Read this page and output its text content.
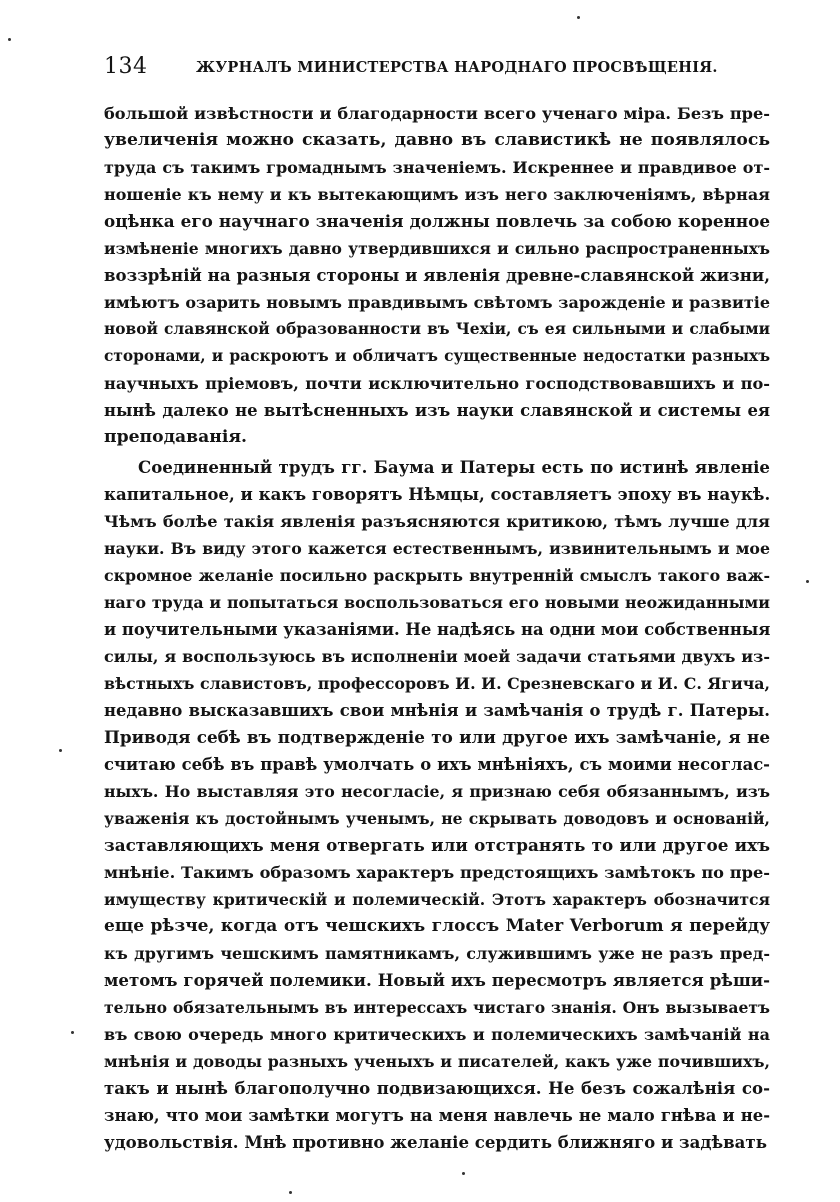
134	ЖУРНАЛЪ МИНИСТЕРСТВА НАРОДНАГО ПРОСВѢЩЕНІЯ.
большой извѣстности и благодарности всего ученаго міра. Безъ пре-
увеличенія можно сказать, давно въ славистикѣ не появлялось
труда съ такимъ громаднымъ значеніемъ. Искреннее и правдивое от-
ношеніе къ нему и къ вытекающимъ изъ него заключеніямъ, вѣрная
оцѣнка его научнаго значенія должны повлечь за собою коренное
измѣненіе многихъ давно утвердившихся и сильно распространенныхъ
воззрѣній на разныя стороны и явленія древне-славянской жизни,
имѣютъ озарить новымъ правдивымъ свѣтомъ зарожденіе и развитіе
новой славянской образованности въ Чехіи, съ ея сильными и слабыми
сторонами, и раскроютъ и обличатъ существенные недостатки разныхъ
научныхъ пріемовъ, почти исключительно господствовавшихъ и по-
нынѣ далеко не вытѣсненныхъ изъ науки славянской и системы ея
преподаванія.
Соединенный трудъ гг. Баума и Патеры есть по истинѣ явленіе
капитальное, и какъ говорятъ Нѣмцы, составляетъ эпоху въ наукѣ.
Чѣмъ болѣе такія явленія разъясняются критикою, тѣмъ лучше для
науки. Въ виду этого кажется естественнымъ, извинительнымъ и мое
скромное желаніе посильно раскрыть внутренній смыслъ такого важ-
наго труда и попытаться воспользоваться его новыми неожиданными
и поучительными указаніями. Не надѣясь на одни мои собственныя
силы, я воспользуюсь въ исполненіи моей задачи статьями двухъ из-
вѣстныхъ славистовъ, профессоровъ И. И. Срезневскаго и И. С. Ягича,
недавно высказавшихъ свои мнѣнія и замѣчанія о трудѣ г. Патеры.
Приводя себѣ въ подтвержденіе то или другое ихъ замѣчаніе, я не
считаю себѣ въ правѣ умолчать о ихъ мнѣніяхъ, съ моими несоглас-
ныхъ. Но выставляя это несогласіе, я признаю себя обязаннымъ, изъ
уваженія къ достойнымъ ученымъ, не скрывать доводовъ и основаній,
заставляющихъ меня отвергать или отстранять то или другое ихъ
мнѣніе. Такимъ образомъ характеръ предстоящихъ замѣтокъ по пре-
имуществу критическій и полемическій. Этотъ характеръ обозначится
еще рѣзче, когда отъ чешскихъ глоссъ Mater Verborum я перейду
къ другимъ чешскимъ памятникамъ, служившимъ уже не разъ пред-
метомъ горячей полемики. Новый ихъ пересмотръ является рѣши-
тельно обязательнымъ въ интерессахъ чистаго знанія. Онъ вызываетъ
въ свою очередь много критическихъ и полемическихъ замѣчаній на
мнѣнія и доводы разныхъ ученыхъ и писателей, какъ уже почившихъ,
такъ и нынѣ благополучно подвизающихся. Не безъ сожалѣнія со-
знаю, что мои замѣтки могутъ на меня навлечь не мало гнѣва и не-
удовольствія. Мнѣ противно желаніе сердить ближняго и задѣвать
